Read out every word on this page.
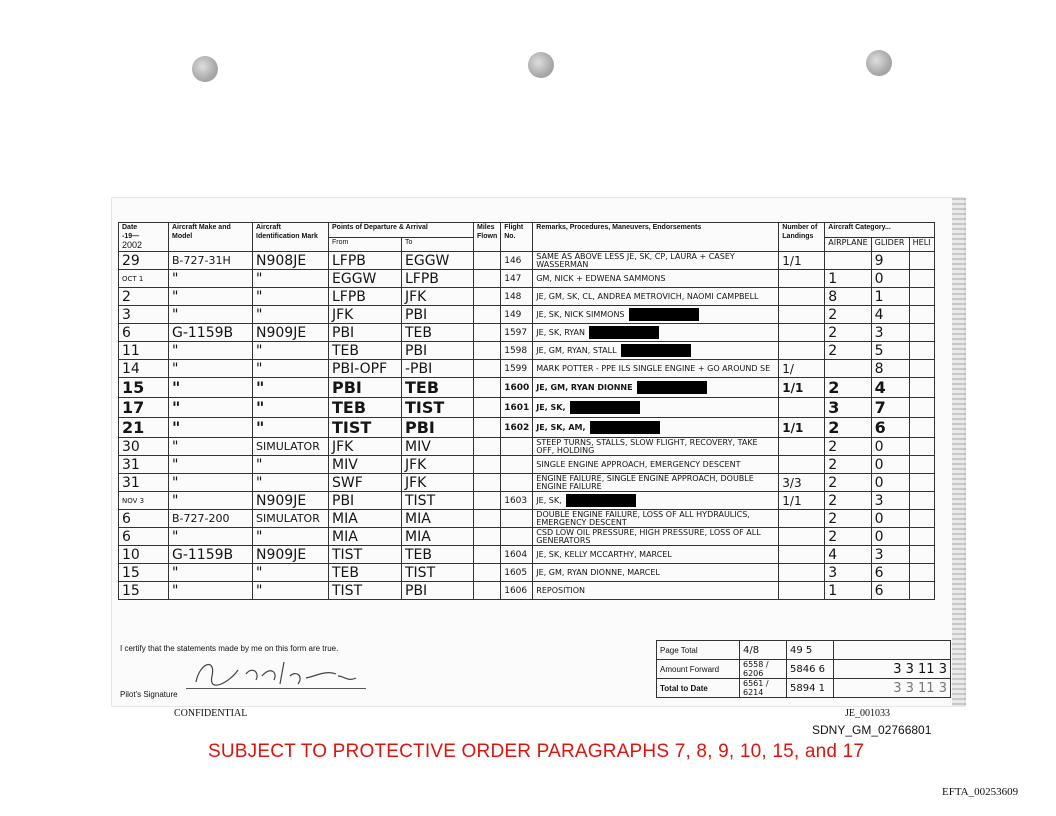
Date
-19—
2002	Aircraft Make and Model	Aircraft Identification Mark	Points of Departure & Arrival		Miles Flown	Flight No.	Remarks, Procedures, Maneuvers, Endorsements	Number of Landings	Aircraft Category...		
			From	To					AIRPLANE	GLIDER	HELI
29	B-727-31H	N908JE	LFPB	EGGW		146	SAME AS ABOVE LESS JE, SK, CP, LAURA + CASEY WASSERMAN	1/1		9	
OCT 1	"	"	EGGW	LFPB		147	GM, NICK + EDWENA SAMMONS		1	0	
2	"	"	LFPB	JFK		148	JE, GM, SK, CL, ANDREA METROVICH, NAOMI CAMPBELL		8	1	
3	"	"	JFK	PBI		149	JE, SK, NICK SIMMONS		2	4	
6	G-1159B	N909JE	PBI	TEB		1597	JE, SK, RYAN		2	3	
11	"	"	TEB	PBI		1598	JE, GM, RYAN, STALL		2	5	
14	"	"	PBI-OPF	-PBI		1599	MARK POTTER - PPE ILS SINGLE ENGINE + GO AROUND SE	1/		8	
15	"	"	PBI	TEB		1600	JE, GM, RYAN DIONNE	1/1	2	4	
17	"	"	TEB	TIST		1601	JE, SK,		3	7	
21	"	"	TIST	PBI		1602	JE, SK, AM,	1/1	2	6	
30	"	SIMULATOR	JFK	MIV			STEEP TURNS, STALLS, SLOW FLIGHT, RECOVERY, TAKE OFF, HOLDING		2	0	
31	"	"	MIV	JFK			SINGLE ENGINE APPROACH, EMERGENCY DESCENT		2	0	
31	"	"	SWF	JFK			ENGINE FAILURE, SINGLE ENGINE APPROACH, DOUBLE ENGINE FAILURE	3/3	2	0	
NOV 3	"	N909JE	PBI	TIST		1603	JE, SK,	1/1	2	3	
6	B-727-200	SIMULATOR	MIA	MIA			DOUBLE ENGINE FAILURE, LOSS OF ALL HYDRAULICS, EMERGENCY DESCENT		2	0	
6	"	"	MIA	MIA			CSD LOW OIL PRESSURE, HIGH PRESSURE, LOSS OF ALL GENERATORS		2	0	
10	G-1159B	N909JE	TIST	TEB		1604	JE, SK, KELLY MCCARTHY, MARCEL		4	3	
15	"	"	TEB	TIST		1605	JE, GM, RYAN DIONNE, MARCEL		3	6	
15	"	"	TIST	PBI		1606	REPOSITION		1	6	
I certify that the statements made by me on this form are true.
Pilot's Signature
Page Total	4/8	49 5	
Amount Forward	6558 / 6206	5846 6	3 3 11 3
Total to Date	6561 / 6214	5894 1	3 3 11 3
CONFIDENTIAL	JE_001033
SDNY_GM_02766801
SUBJECT TO PROTECTIVE ORDER PARAGRAPHS 7, 8, 9, 10, 15, and 17
EFTA_00253609
